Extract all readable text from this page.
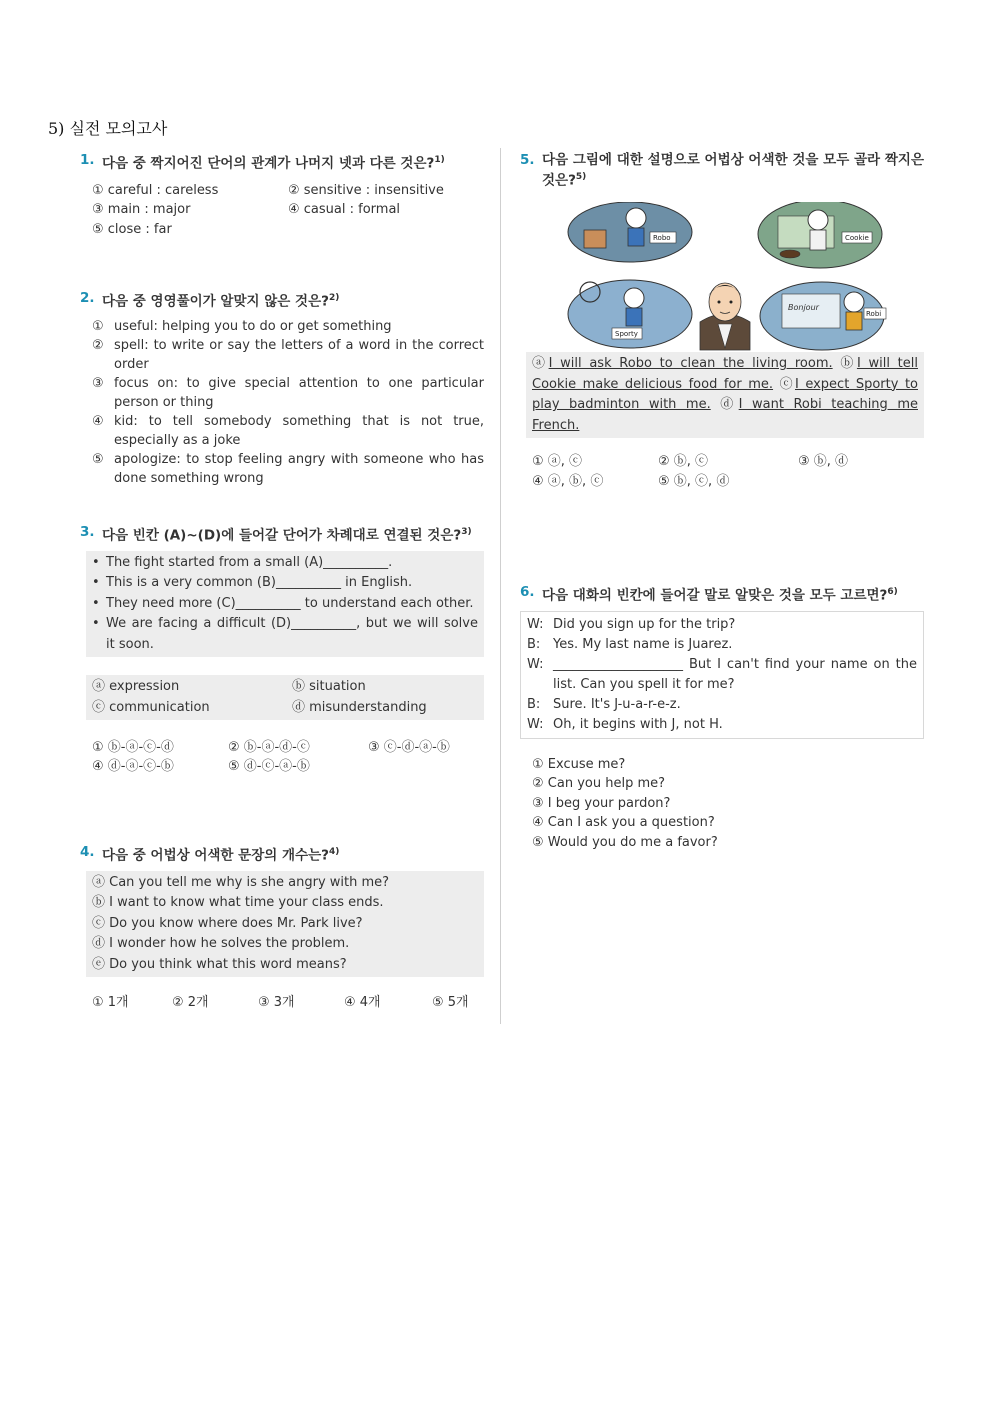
5) 실전 모의고사
1. 다음 중 짝지어진 단어의 관계가 나머지 넷과 다른 것은?$^{1)}$
① careful : careless	② sensitive : insensitive
③ main : major	④ casual : formal
⑤ close : far
2. 다음 중 영영풀이가 알맞지 않은 것은?$^{2)}$
① useful: helping you to do or get something
② spell: to write or say the letters of a word in the correct order
③ focus on: to give special attention to one particular person or thing
④ kid: to tell somebody something that is not true, especially as a joke
⑤ apologize: to stop feeling angry with someone who has done something wrong
3. 다음 빈칸 (A)~(D)에 들어갈 단어가 차례대로 연결된 것은?$^{3)}$
• The fight started from a small (A)__________.
• This is a very common (B)__________ in English.
• They need more (C)__________ to understand each other.
• We are facing a difficult (D)__________, but we will solve it soon.
ⓐ expression	ⓑ situation
ⓒ communication	ⓓ misunderstanding
① ⓑ-ⓐ-ⓒ-ⓓ	② ⓑ-ⓐ-ⓓ-ⓒ	③ ⓒ-ⓓ-ⓐ-ⓑ
④ ⓓ-ⓐ-ⓒ-ⓑ	⑤ ⓓ-ⓒ-ⓐ-ⓑ
4. 다음 중 어법상 어색한 문장의 개수는?$^{4)}$
ⓐ Can you tell me why is she angry with me?
ⓑ I want to know what time your class ends.
ⓒ Do you know where does Mr. Park live?
ⓓ I wonder how he solves the problem.
ⓔ Do you think what this word means?
① 1개	② 2개	③ 3개	④ 4개	⑤ 5개
5. 다음 그림에 대한 설명으로 어법상 어색한 것을 모두 골라 짝지은 것은?$^{5)}$
Robo	Cookie
Sporty
Bonjour
Robi
ⓐI will ask Robo to clean the living room. ⓑI will tell Cookie make delicious food for me. ⓒI expect Sporty to play badminton with me. ⓓI want Robi teaching me French.
① ⓐ, ⓒ	② ⓑ, ⓒ	③ ⓑ, ⓓ
④ ⓐ, ⓑ, ⓒ	⑤ ⓑ, ⓒ, ⓓ
6. 다음 대화의 빈칸에 들어갈 말로 알맞은 것을 모두 고르면?$^{6)}$
W: Did you sign up for the trip?
B: Yes. My last name is Juarez.
W: ____________________ But I can't find your name on the list. Can you spell it for me?
B: Sure. It's J-u-a-r-e-z.
W: Oh, it begins with J, not H.
① Excuse me?
② Can you help me?
③ I beg your pardon?
④ Can I ask you a question?
⑤ Would you do me a favor?
